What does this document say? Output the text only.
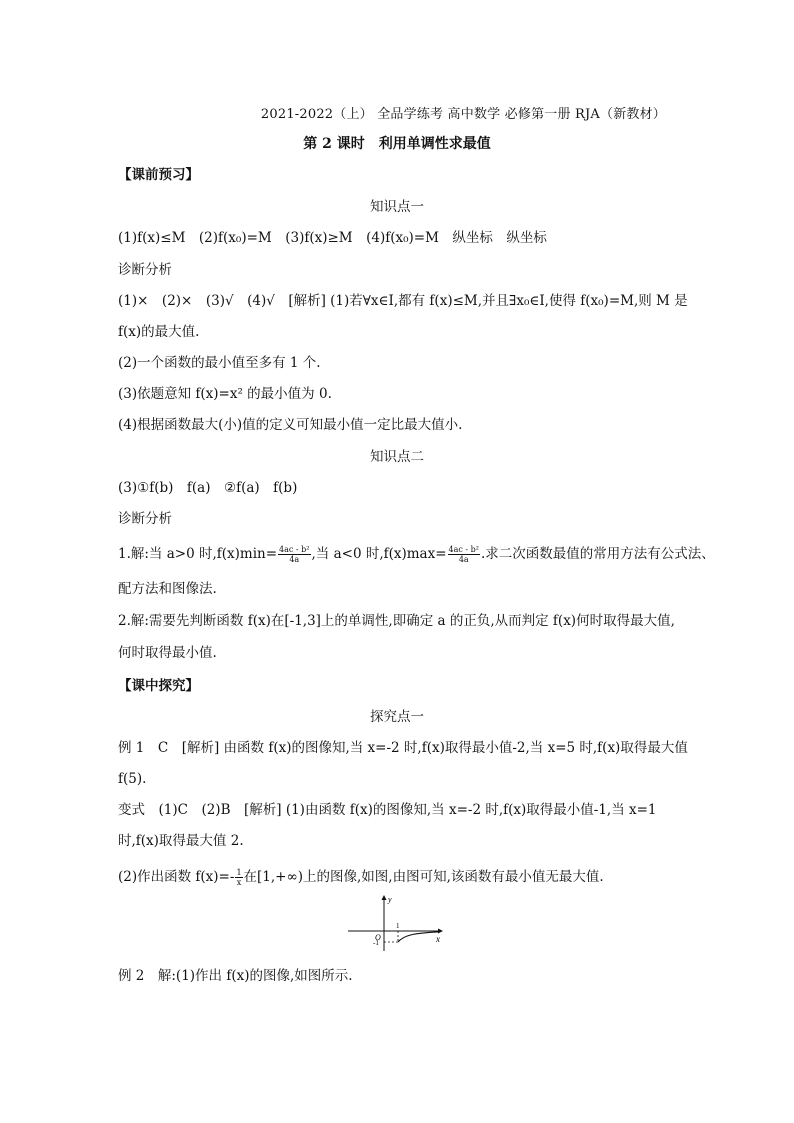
2021-2022（上） 全品学练考 高中数学 必修第一册 RJA（新教材）
第 2 课时　利用单调性求最值
【课前预习】
知识点一
(1)f(x)≤M　(2)f(x₀)=M　(3)f(x)≥M　(4)f(x₀)=M　纵坐标　纵坐标
诊断分析
(1)×　(2)×　(3)√　(4)√　[解析] (1)若∀x∈I,都有 f(x)≤M,并且∃x₀∈I,使得 f(x₀)=M,则 M 是
f(x)的最大值.
(2)一个函数的最小值至多有 1 个.
(3)依题意知 f(x)=x² 的最小值为 0.
(4)根据函数最大(小)值的定义可知最小值一定比最大值小.
知识点二
(3)①f(b)　f(a)　②f(a)　f(b)
诊断分析
1.解:当 a>0 时$,f(x)\min= \frac{\text{4ac - b²}}{4a}$ ,当 a<0 时$,f(x)\max= \frac{\text{4ac - b²}}{4a}$ .求二次函数最值的常用方法有公式法、
配方法和图像法.
2.解:需要先判断函数 f(x)在[-1,3]上的单调性,即确定 a 的正负,从而判定 f(x)何时取得最大值,
何时取得最小值.
【课中探究】
探究点一
例 1　C　[解析] 由函数 f(x)的图像知,当 x=-2 时,f(x)取得最小值-2,当 x=5 时,f(x)取得最大值
f(5).
变式　(1)C　(2)B　[解析] (1)由函数 f(x)的图像知,当 x=-2 时,f(x)取得最小值-1,当 x=1
时,f(x)取得最大值 2.
(2)作出函数 $f(x)=- \frac{1}{x}$ 在[1,+∞)上的图像,如图,由图可知,该函数有最小值无最大值.
y
x
O
1
-1
例 2　解:(1)作出 f(x)的图像,如图所示.
